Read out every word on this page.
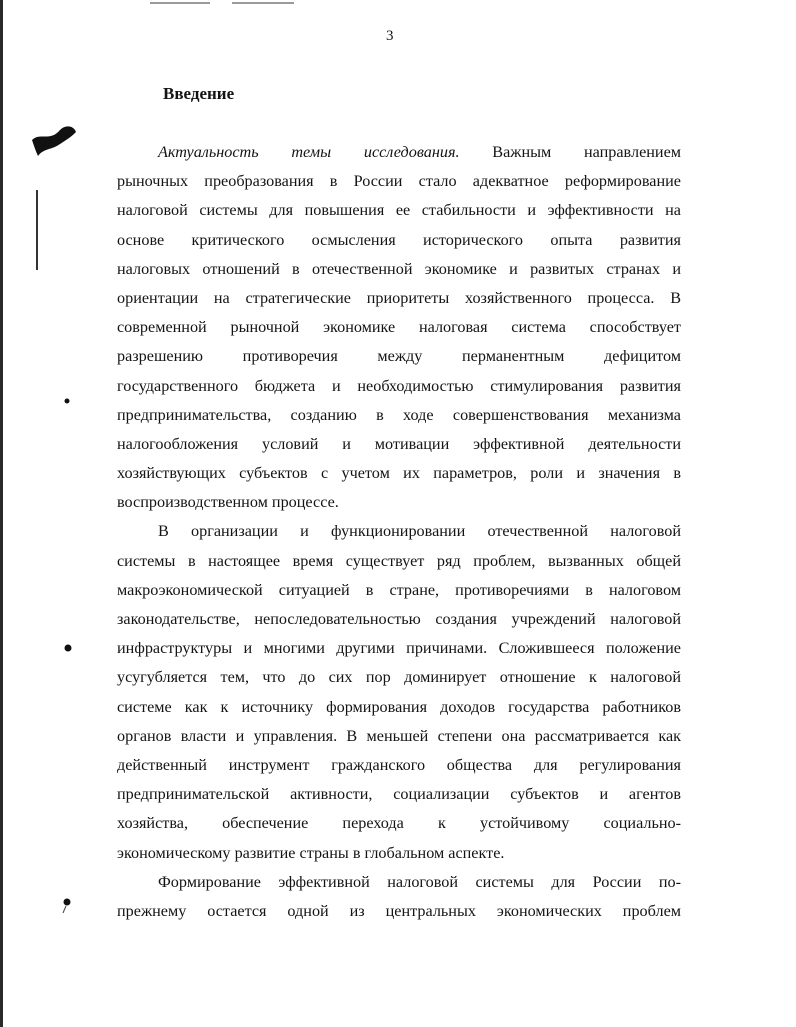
3
Введение
Актуальность темы исследования. Важным направлением
рыночных преобразования в России стало адекватное реформирование
налоговой системы для повышения ее стабильности и эффективности на
основе критического осмысления исторического опыта развития
налоговых отношений в отечественной экономике и развитых странах и
ориентации на стратегические приоритеты хозяйственного процесса. В
современной рыночной экономике налоговая система способствует
разрешению противоречия между перманентным дефицитом
государственного бюджета и необходимостью стимулирования развития
предпринимательства, созданию в ходе совершенствования механизма
налогообложения условий и мотивации эффективной деятельности
хозяйствующих субъектов с учетом их параметров, роли и значения в
воспроизводственном процессе.
В организации и функционировании отечественной налоговой
системы в настоящее время существует ряд проблем, вызванных общей
макроэкономической ситуацией в стране, противоречиями в налоговом
законодательстве, непоследовательностью создания учреждений налоговой
инфраструктуры и многими другими причинами. Сложившееся положение
усугубляется тем, что до сих пор доминирует отношение к налоговой
системе как к источнику формирования доходов государства работников
органов власти и управления. В меньшей степени она рассматривается как
действенный инструмент гражданского общества для регулирования
предпринимательской активности, социализации субъектов и агентов
хозяйства, обеспечение перехода к устойчивому социально-
экономическому развитие страны в глобальном аспекте.
Формирование эффективной налоговой системы для России по-
прежнему остается одной из центральных экономических проблем
